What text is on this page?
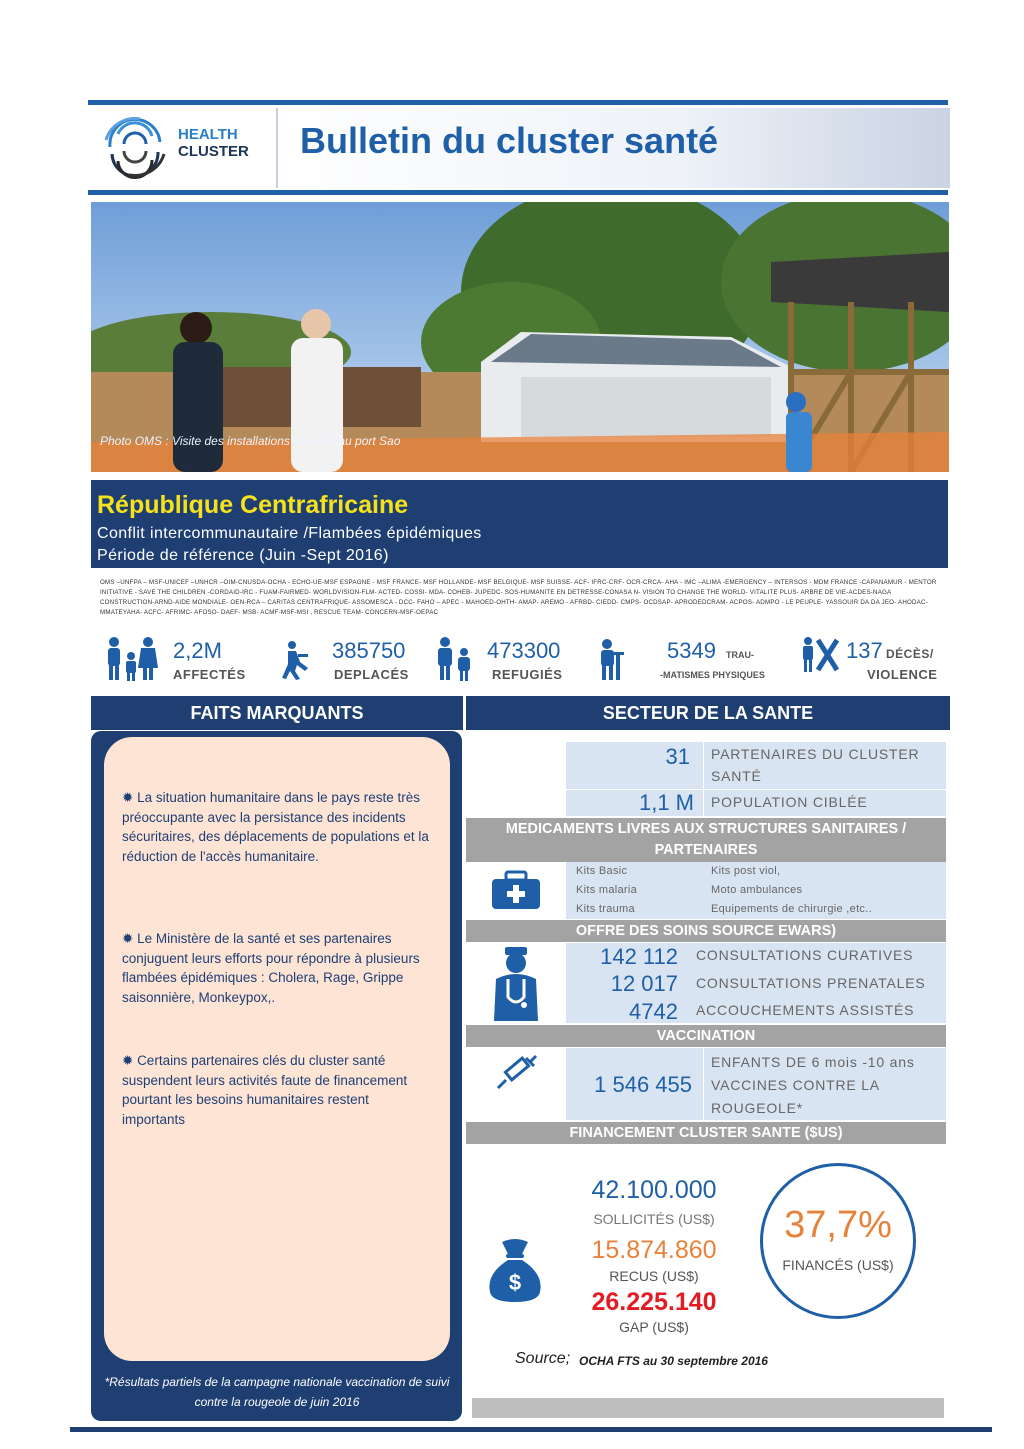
HEALTH
CLUSTER Bulletin du cluster santé
Photo OMS : Visite des installations de MSF au port Sao
République Centrafricaine
Conflit intercommunautaire /Flambées épidémiques
Période de référence (Juin -Sept 2016)
OMS –UNFPA – MSF-UNICEF –UNHCR –OIM-CNUSDA-OCHA - ECHO-UE-MSF ESPAGNE - MSF FRANCE- MSF HOLLANDE- MSF BELGIQUE- MSF SUISSE- ACF- IFRC-CRF- OCR-CRCA- AHA - IMC –ALIMA -EMERGENCY – INTERSOS - MDM FRANCE -CAPANAMUR - MENTOR INITIATIVE - SAVE THE CHILDREN -CORDAID-IRC - FUAM-FAIRMED- WORLDVISION-FLM- ACTED- COSSI- MDA- COHEB- JUPEDC- SOS-HUMANITE EN DETRESSE-CONASA N- VISION TO CHANGE THE WORLD- VITALITE PLUS- ARBRE DE VIE-ACDES-NAGA CONSTRUCTION-ARND-AIDE MONDIALE- OEN-RCA – CARITAS CENTRAFRIQUE- ASSOMESCA - DCC- FAHO – APEC - MAHOED-OHTH- AMAP- AREMO - AFRBD- CIEDD- CMPS- OCDSAP- APRODEDCRAM- ACPOS- ADMPO - LE PEUPLE- YASSOUIR DA DA JEO- AHODAC- MMATEYAHA- ACFC- AFRIMC- AFOSO- DAEF- MSB- ACMF-MSF-MSI , RESCUE TEAM- CONCERN-MSF-OEPAC
2,2M
AFFECTÉS
385750
DEPLACÉS
473300
REFUGIÉS
5349 TRAU-
-MATISMES PHYSIQUES
137 DÉCÈS/
VIOLENCE
FAITS MARQUANTS	SECTEUR DE LA SANTE
✹ La situation humanitaire dans le pays reste très préoccupante avec la persistance des incidents sécuritaires, des déplacements de populations et la réduction de l'accès humanitaire.
✹ Le Ministère de la santé et ses partenaires conjuguent leurs efforts pour répondre à plusieurs flambées épidémiques : Cholera, Rage, Grippe saisonnière, Monkeypox,.
✹ Certains partenaires clés du cluster santé suspendent leurs activités faute de financement pourtant les besoins humanitaires restent importants
*Résultats partiels de la campagne nationale vaccination de suivi contre la rougeole de juin 2016
31 PARTENAIRES DU CLUSTER
SANTÉ
1,1 M POPULATION CIBLÉE
MEDICAMENTS LIVRES AUX STRUCTURES SANITAIRES /
PARTENAIRES
Kits Basic
Kits malaria
Kits trauma
Kits post viol,
Moto ambulances
Equipements de chirurgie ,etc..
OFFRE DES SOINS SOURCE EWARS)
142 112 CONSULTATIONS CURATIVES
12 017 CONSULTATIONS PRENATALES
4742 ACCOUCHEMENTS ASSISTÉS
VACCINATION
1 546 455
ENFANTS DE 6 mois -10 ans
VACCINES CONTRE LA
ROUGEOLE*
FINANCEMENT CLUSTER SANTE ($US)
$
42.100.000
SOLLICITÉS (US$)
15.874.860
RECUS (US$)
26.225.140
GAP (US$)
37,7%
FINANCÉS (US$)
Source; OCHA FTS au 30 septembre 2016
